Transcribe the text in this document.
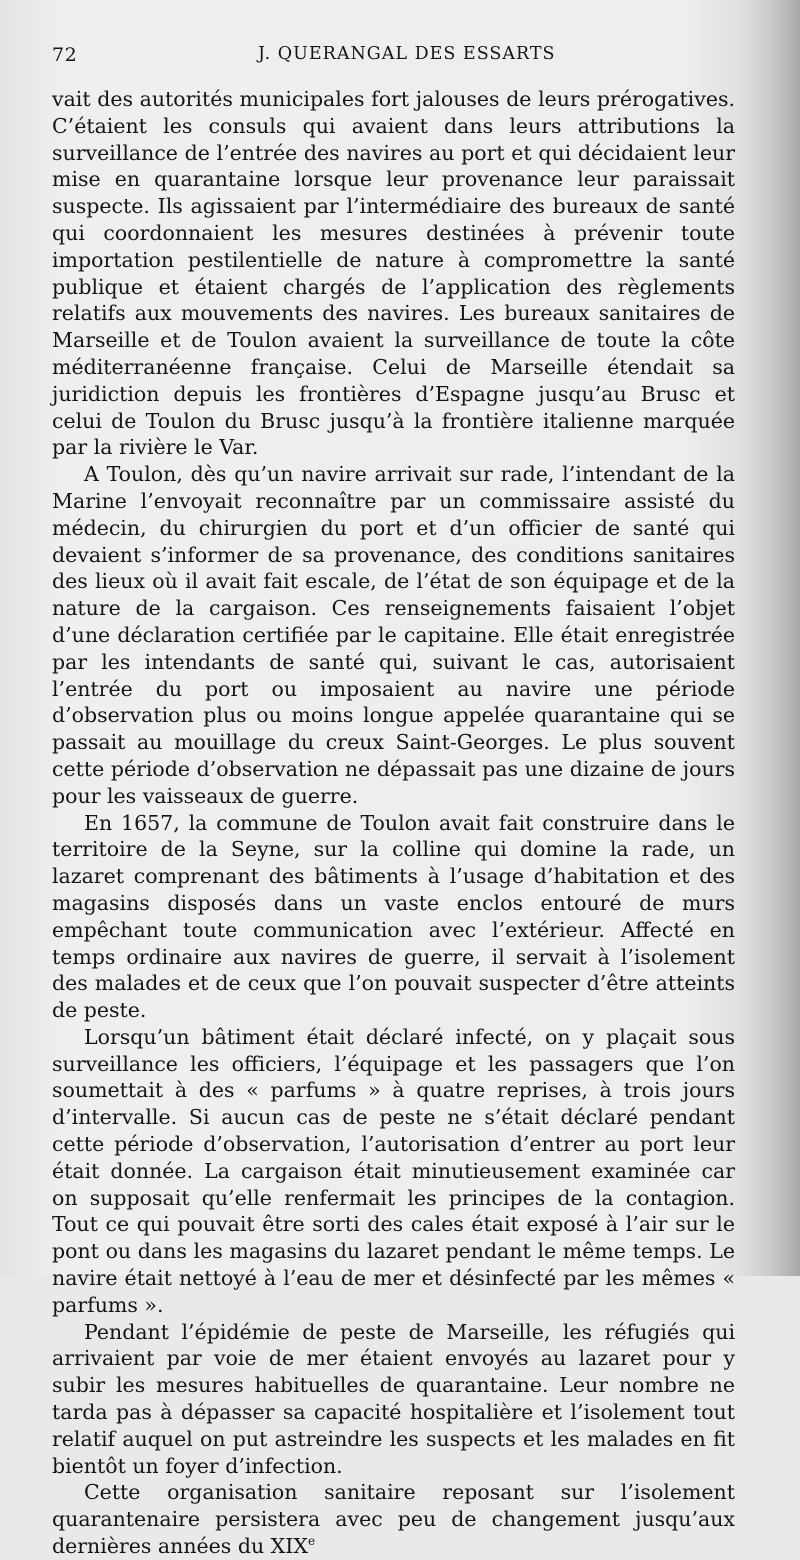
72	J. QUERANGAL DES ESSARTS

vait des autorités municipales fort jalouses de leurs prérogatives. C’étaient les consuls qui avaient dans leurs attributions la surveillance de l’entrée des navires au port et qui décidaient leur mise en quarantaine lorsque leur provenance leur paraissait suspecte. Ils agissaient par l’intermédiaire des bureaux de santé qui coordonnaient les mesures destinées à prévenir toute importation pestilentielle de nature à compromettre la santé publique et étaient chargés de l’application des règlements relatifs aux mouvements des navires. Les bureaux sanitaires de Marseille et de Toulon avaient la surveillance de toute la côte méditerranéenne française. Celui de Marseille étendait sa juridiction depuis les frontières d’Espagne jusqu’au Brusc et celui de Toulon du Brusc jusqu’à la frontière italienne marquée par la rivière le Var.

A Toulon, dès qu’un navire arrivait sur rade, l’intendant de la Marine l’envoyait reconnaître par un commissaire assisté du médecin, du chirurgien du port et d’un officier de santé qui devaient s’informer de sa provenance, des conditions sanitaires des lieux où il avait fait escale, de l’état de son équipage et de la nature de la cargaison. Ces renseignements faisaient l’objet d’une déclaration certifiée par le capitaine. Elle était enregistrée par les intendants de santé qui, suivant le cas, autorisaient l’entrée du port ou imposaient au navire une période d’observation plus ou moins longue appelée quarantaine qui se passait au mouillage du creux Saint-Georges. Le plus souvent cette période d’observation ne dépassait pas une dizaine de jours pour les vaisseaux de guerre.

En 1657, la commune de Toulon avait fait construire dans le territoire de la Seyne, sur la colline qui domine la rade, un lazaret comprenant des bâtiments à l’usage d’habitation et des magasins disposés dans un vaste enclos entouré de murs empêchant toute communication avec l’extérieur. Affecté en temps ordinaire aux navires de guerre, il servait à l’isolement des malades et de ceux que l’on pouvait suspecter d’être atteints de peste.

Lorsqu’un bâtiment était déclaré infecté, on y plaçait sous surveillance les officiers, l’équipage et les passagers que l’on soumettait à des « parfums » à quatre reprises, à trois jours d’intervalle. Si aucun cas de peste ne s’était déclaré pendant cette période d’observation, l’autorisation d’entrer au port leur était donnée. La cargaison était minutieusement examinée car on supposait qu’elle renfermait les principes de la contagion. Tout ce qui pouvait être sorti des cales était exposé à l’air sur le pont ou dans les magasins du lazaret pendant le même temps. Le navire était nettoyé à l’eau de mer et désinfecté par les mêmes « parfums ».

Pendant l’épidémie de peste de Marseille, les réfugiés qui arrivaient par voie de mer étaient envoyés au lazaret pour y subir les mesures habituelles de quarantaine. Leur nombre ne tarda pas à dépasser sa capacité hospitalière et l’isolement tout relatif auquel on put astreindre les suspects et les malades en fit bientôt un foyer d’infection.

Cette organisation sanitaire reposant sur l’isolement quarantenaire persistera avec peu de changement jusqu’aux dernières années du XIXe
